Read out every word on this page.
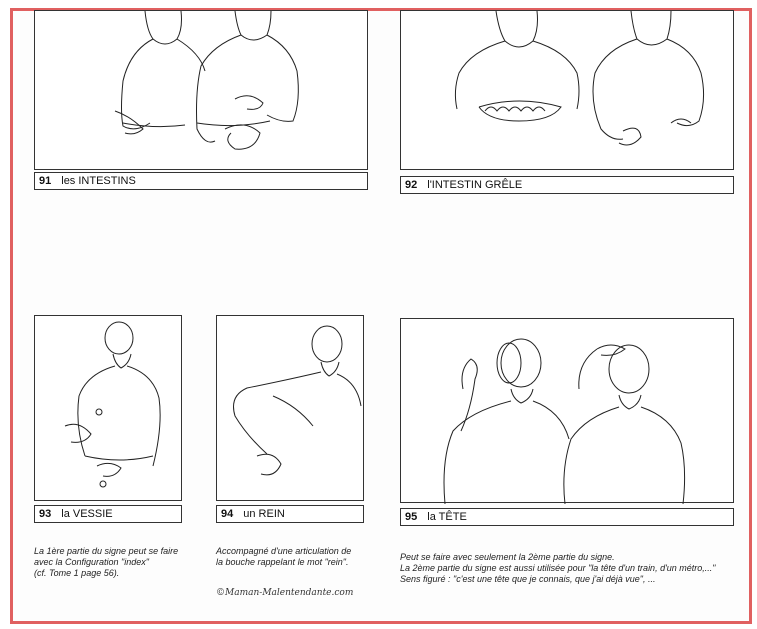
91 les INTESTINS	92 l'INTESTIN GRÊLE
93 la VESSIE
La 1ère partie du signe peut se faire
avec la Configuration "index"
(cf. Tome 1 page 56).
94 un REIN
Accompagné d'une articulation de
la bouche rappelant le mot "rein".
95 la TÊTE
Peut se faire avec seulement la 2ème partie du signe.
La 2ème partie du signe est aussi utilisée pour "la tête d'un train, d'un métro,..."
Sens figuré : "c'est une tête que je connais, que j'ai déjà vue", ...
©Maman-Malentendante.com
